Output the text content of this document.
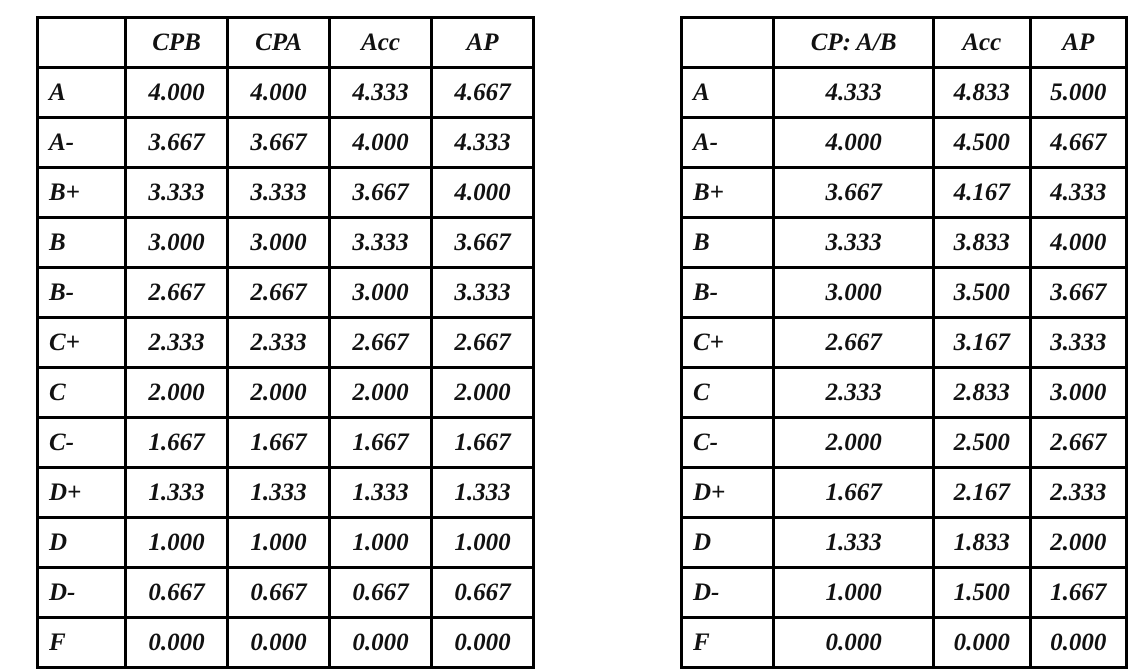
	CPB	CPA	Acc	AP
A	4.000	4.000	4.333	4.667
A-	3.667	3.667	4.000	4.333
B+	3.333	3.333	3.667	4.000
B	3.000	3.000	3.333	3.667
B-	2.667	2.667	3.000	3.333
C+	2.333	2.333	2.667	2.667
C	2.000	2.000	2.000	2.000
C-	1.667	1.667	1.667	1.667
D+	1.333	1.333	1.333	1.333
D	1.000	1.000	1.000	1.000
D-	0.667	0.667	0.667	0.667
F	0.000	0.000	0.000	0.000
	CP: A/B	Acc	AP
A	4.333	4.833	5.000
A-	4.000	4.500	4.667
B+	3.667	4.167	4.333
B	3.333	3.833	4.000
B-	3.000	3.500	3.667
C+	2.667	3.167	3.333
C	2.333	2.833	3.000
C-	2.000	2.500	2.667
D+	1.667	2.167	2.333
D	1.333	1.833	2.000
D-	1.000	1.500	1.667
F	0.000	0.000	0.000
